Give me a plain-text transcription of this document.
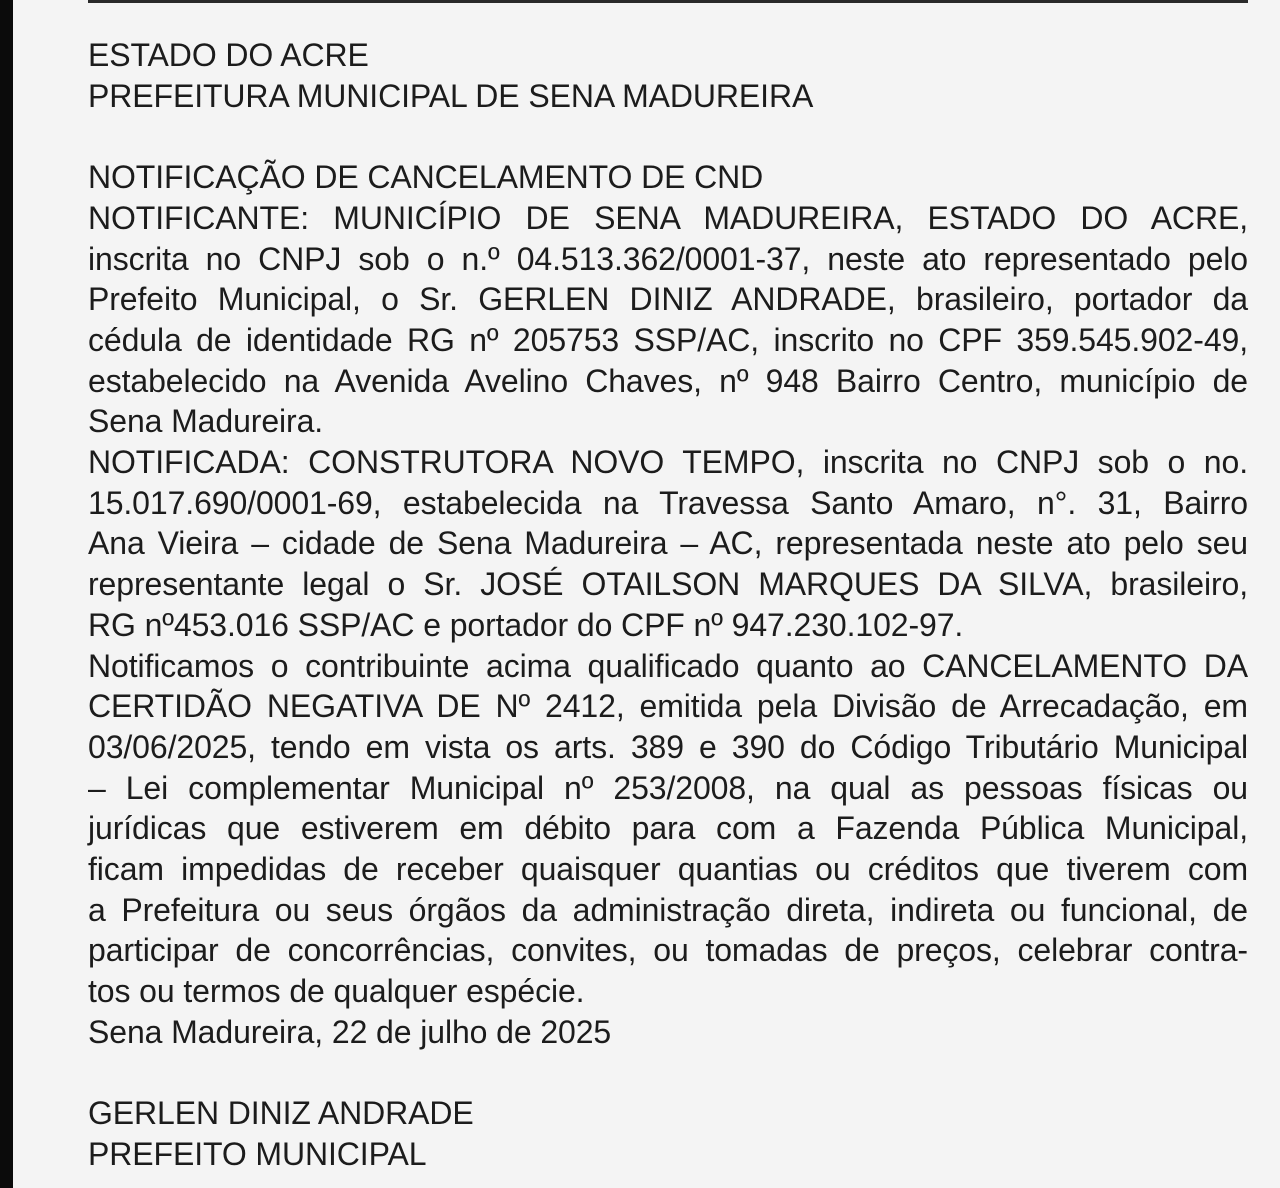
ESTADO DO ACRE
PREFEITURA MUNICIPAL DE SENA MADUREIRA
NOTIFICAÇÃO DE CANCELAMENTO DE CND
NOTIFICANTE: MUNICÍPIO DE SENA MADUREIRA, ESTADO DO ACRE,
inscrita no CNPJ sob o n.º 04.513.362/0001-37, neste ato representado pelo
Prefeito Municipal, o Sr. GERLEN DINIZ ANDRADE, brasileiro, portador da
cédula de identidade RG nº 205753 SSP/AC, inscrito no CPF 359.545.902-49,
estabelecido na Avenida Avelino Chaves, nº 948 Bairro Centro, município de
Sena Madureira.
NOTIFICADA: CONSTRUTORA NOVO TEMPO, inscrita no CNPJ sob o no.
15.017.690/0001-69, estabelecida na Travessa Santo Amaro, n°. 31, Bairro
Ana Vieira – cidade de Sena Madureira – AC, representada neste ato pelo seu
representante legal o Sr. JOSÉ OTAILSON MARQUES DA SILVA, brasileiro,
RG nº453.016 SSP/AC e portador do CPF nº 947.230.102-97.
Notificamos o contribuinte acima qualificado quanto ao CANCELAMENTO DA
CERTIDÃO NEGATIVA DE Nº 2412, emitida pela Divisão de Arrecadação, em
03/06/2025, tendo em vista os arts. 389 e 390 do Código Tributário Municipal
– Lei complementar Municipal nº 253/2008, na qual as pessoas físicas ou
jurídicas que estiverem em débito para com a Fazenda Pública Municipal,
ficam impedidas de receber quaisquer quantias ou créditos que tiverem com
a Prefeitura ou seus órgãos da administração direta, indireta ou funcional, de
participar de concorrências, convites, ou tomadas de preços, celebrar contra-
tos ou termos de qualquer espécie.
Sena Madureira, 22 de julho de 2025
GERLEN DINIZ ANDRADE
PREFEITO MUNICIPAL
